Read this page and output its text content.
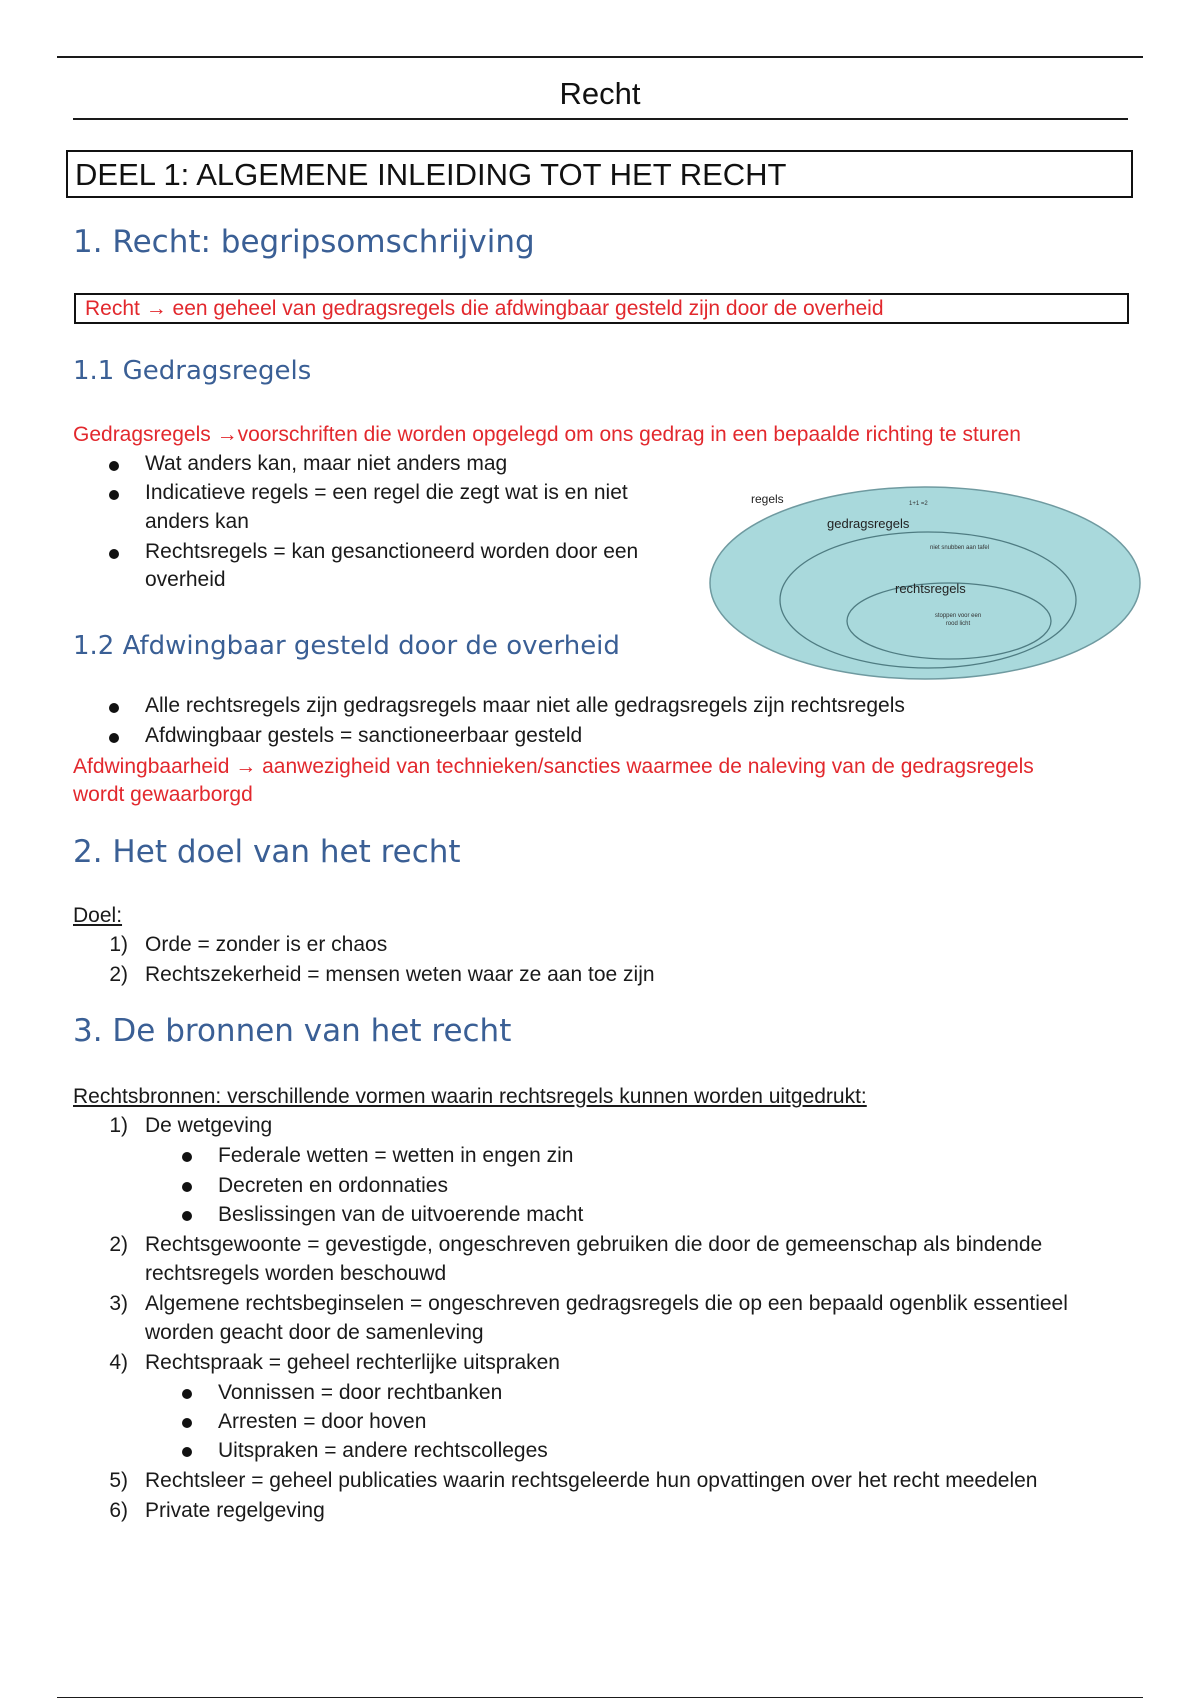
Recht
DEEL 1: ALGEMENE INLEIDING TOT HET RECHT
1. Recht: begripsomschrijving
Recht → een geheel van gedragsregels die afdwingbaar gesteld zijn door de overheid
1.1 Gedragsregels
Gedragsregels →voorschriften die worden opgelegd om ons gedrag in een bepaalde richting te sturen
Wat anders kan, maar niet anders mag
Indicatieve regels = een regel die zegt wat is en niet
anders kan
Rechtsregels = kan gesanctioneerd worden door een
overheid
regels	1+1 =2
gedragsregels
niet snubben aan tafel
rechtsregels
stoppen voor een
rood licht
1.2 Afdwingbaar gesteld door de overheid
Alle rechtsregels zijn gedragsregels maar niet alle gedragsregels zijn rechtsregels
Afdwingbaar gestels = sanctioneerbaar gesteld
Afdwingbaarheid → aanwezigheid van technieken/sancties waarmee de naleving van de gedragsregels
wordt gewaarborgd
2. Het doel van het recht
Doel:
1) Orde = zonder is er chaos
2) Rechtszekerheid = mensen weten waar ze aan toe zijn
3. De bronnen van het recht
Rechtsbronnen: verschillende vormen waarin rechtsregels kunnen worden uitgedrukt:
1) De wetgeving
Federale wetten = wetten in engen zin
Decreten en ordonnaties
Beslissingen van de uitvoerende macht
2) Rechtsgewoonte = gevestigde, ongeschreven gebruiken die door de gemeenschap als bindende
rechtsregels worden beschouwd
3) Algemene rechtsbeginselen = ongeschreven gedragsregels die op een bepaald ogenblik essentieel
worden geacht door de samenleving
4) Rechtspraak = geheel rechterlijke uitspraken
Vonnissen = door rechtbanken
Arresten = door hoven
Uitspraken = andere rechtscolleges
5) Rechtsleer = geheel publicaties waarin rechtsgeleerde hun opvattingen over het recht meedelen
6) Private regelgeving
